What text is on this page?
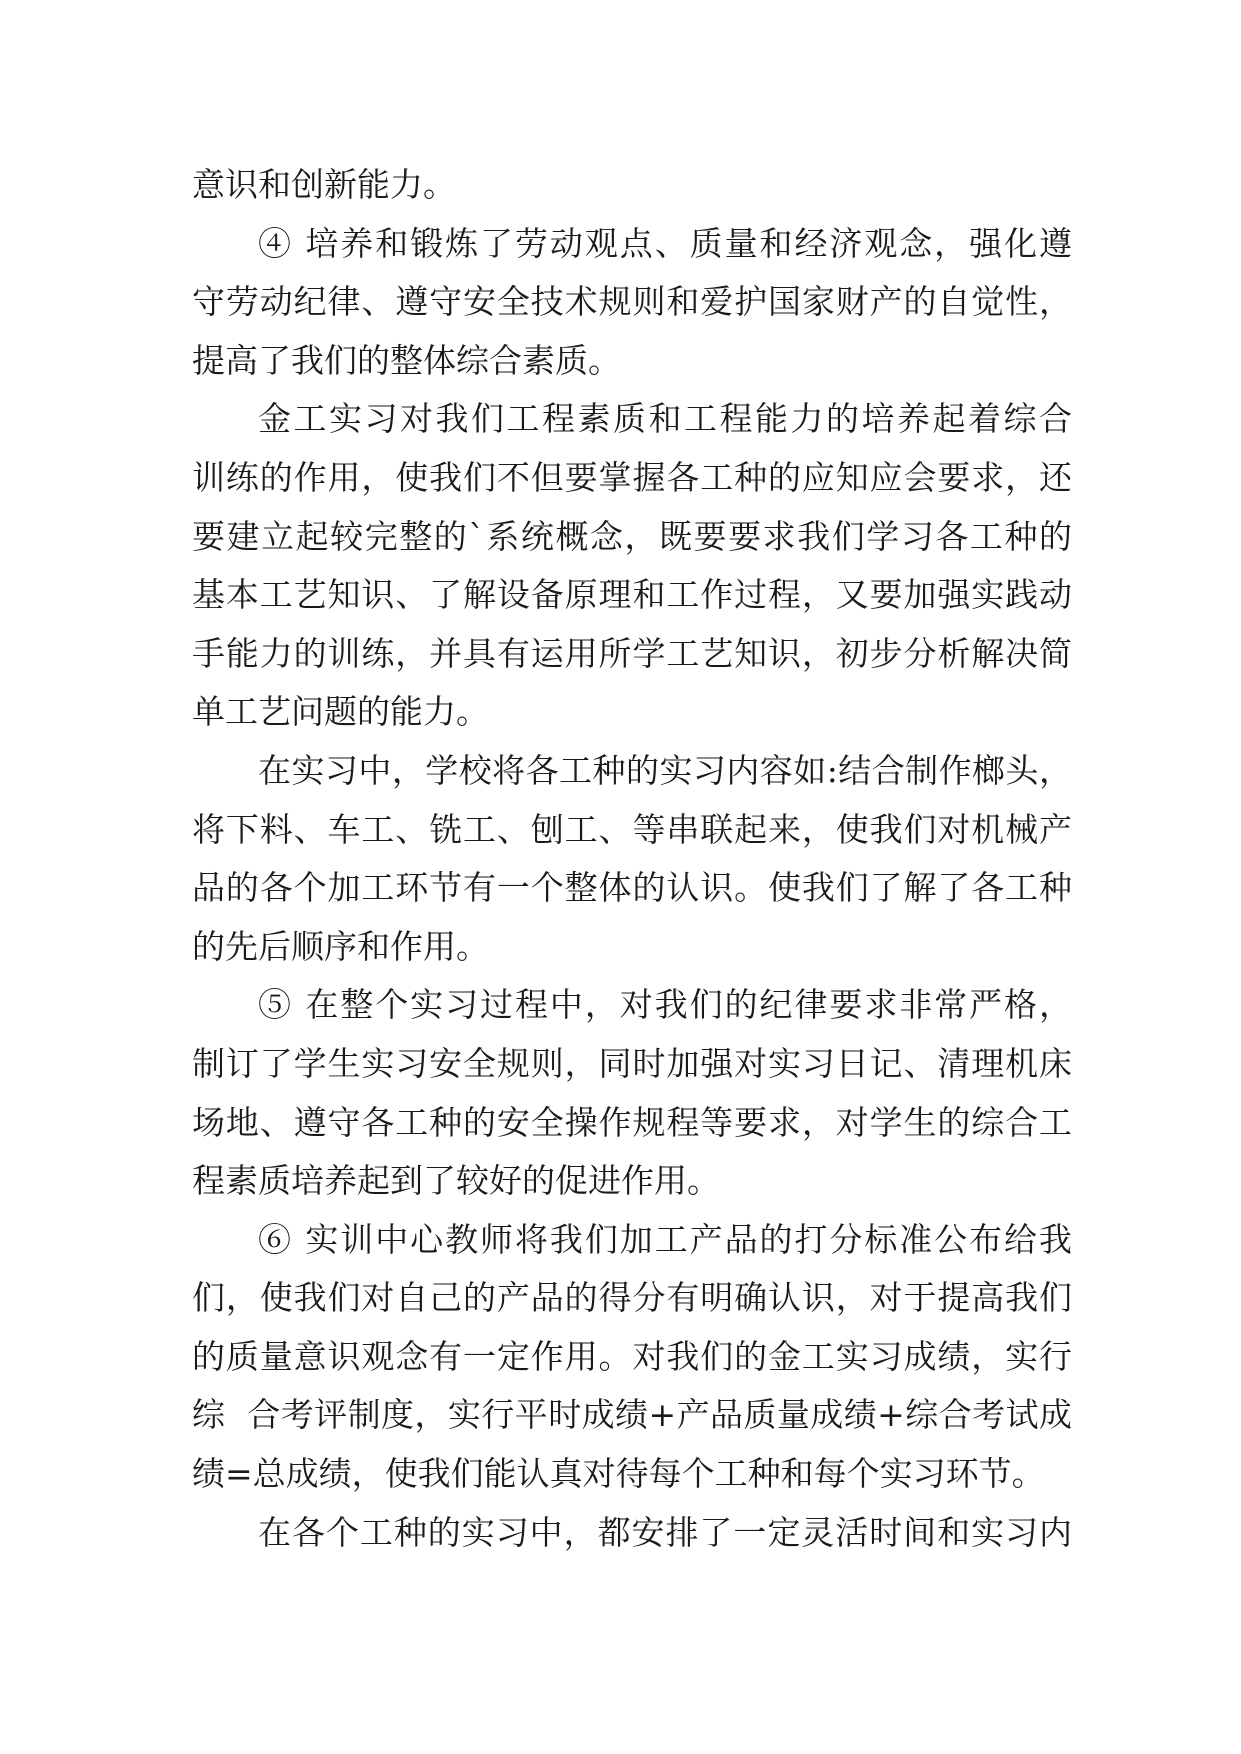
意识和创新能力。
④ 培养和锻炼了劳动观点、质量和经济观念，强化遵
守劳动纪律、遵守安全技术规则和爱护国家财产的自觉性，
提高了我们的整体综合素质。
金工实习对我们工程素质和工程能力的培养起着综合
训练的作用，使我们不但要掌握各工种的应知应会要求，还
要建立起较完整的`系统概念，既要要求我们学习各工种的
基本工艺知识、了解设备原理和工作过程，又要加强实践动
手能力的训练，并具有运用所学工艺知识，初步分析解决简
单工艺问题的能力。
在实习中，学校将各工种的实习内容如:结合制作榔头，
将下料、车工、铣工、刨工、等串联起来，使我们对机械产
品的各个加工环节有一个整体的认识。使我们了解了各工种
的先后顺序和作用。
⑤ 在整个实习过程中，对我们的纪律要求非常严格，
制订了学生实习安全规则，同时加强对实习日记、清理机床
场地、遵守各工种的安全操作规程等要求，对学生的综合工
程素质培养起到了较好的促进作用。
⑥ 实训中心教师将我们加工产品的打分标准公布给我
们，使我们对自己的产品的得分有明确认识，对于提高我们
的质量意识观念有一定作用。对我们的金工实习成绩，实行
综  合考评制度，实行平时成绩+产品质量成绩+综合考试成
绩=总成绩，使我们能认真对待每个工种和每个实习环节。
在各个工种的实习中，都安排了一定灵活时间和实习内
